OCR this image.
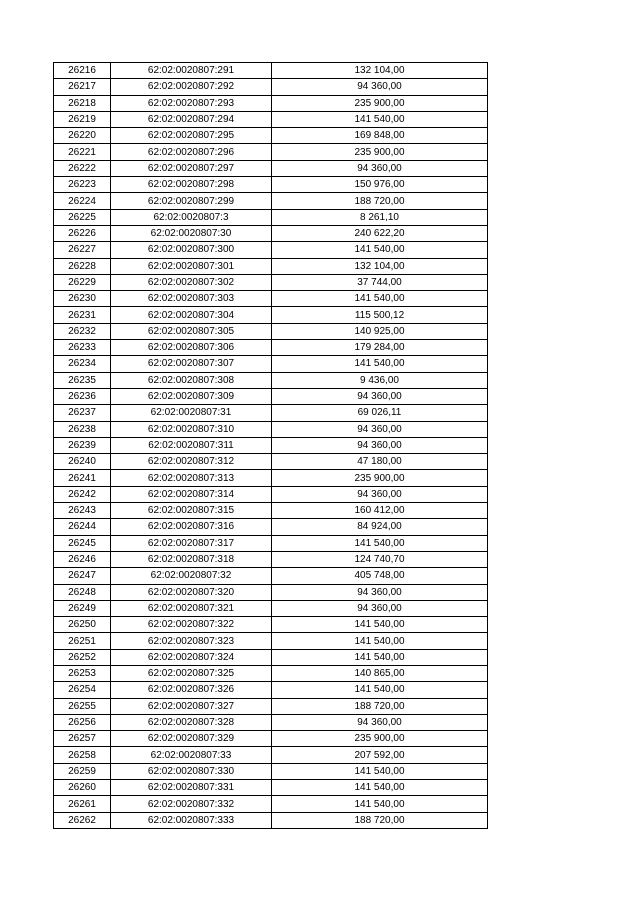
26216	62:02:0020807:291	132 104,00
26217	62:02:0020807:292	94 360,00
26218	62:02:0020807:293	235 900,00
26219	62:02:0020807:294	141 540,00
26220	62:02:0020807:295	169 848,00
26221	62:02:0020807:296	235 900,00
26222	62:02:0020807:297	94 360,00
26223	62:02:0020807:298	150 976,00
26224	62:02:0020807:299	188 720,00
26225	62:02:0020807:3	8 261,10
26226	62:02:0020807:30	240 622,20
26227	62:02:0020807:300	141 540,00
26228	62:02:0020807:301	132 104,00
26229	62:02:0020807:302	37 744,00
26230	62:02:0020807:303	141 540,00
26231	62:02:0020807:304	115 500,12
26232	62:02:0020807:305	140 925,00
26233	62:02:0020807:306	179 284,00
26234	62:02:0020807:307	141 540,00
26235	62:02:0020807:308	9 436,00
26236	62:02:0020807:309	94 360,00
26237	62:02:0020807:31	69 026,11
26238	62:02:0020807:310	94 360,00
26239	62:02:0020807:311	94 360,00
26240	62:02:0020807:312	47 180,00
26241	62:02:0020807:313	235 900,00
26242	62:02:0020807:314	94 360,00
26243	62:02:0020807:315	160 412,00
26244	62:02:0020807:316	84 924,00
26245	62:02:0020807:317	141 540,00
26246	62:02:0020807:318	124 740,70
26247	62:02:0020807:32	405 748,00
26248	62:02:0020807:320	94 360,00
26249	62:02:0020807:321	94 360,00
26250	62:02:0020807:322	141 540,00
26251	62:02:0020807:323	141 540,00
26252	62:02:0020807:324	141 540,00
26253	62:02:0020807:325	140 865,00
26254	62:02:0020807:326	141 540,00
26255	62:02:0020807:327	188 720,00
26256	62:02:0020807:328	94 360,00
26257	62:02:0020807:329	235 900,00
26258	62:02:0020807:33	207 592,00
26259	62:02:0020807:330	141 540,00
26260	62:02:0020807:331	141 540,00
26261	62:02:0020807:332	141 540,00
26262	62:02:0020807:333	188 720,00
